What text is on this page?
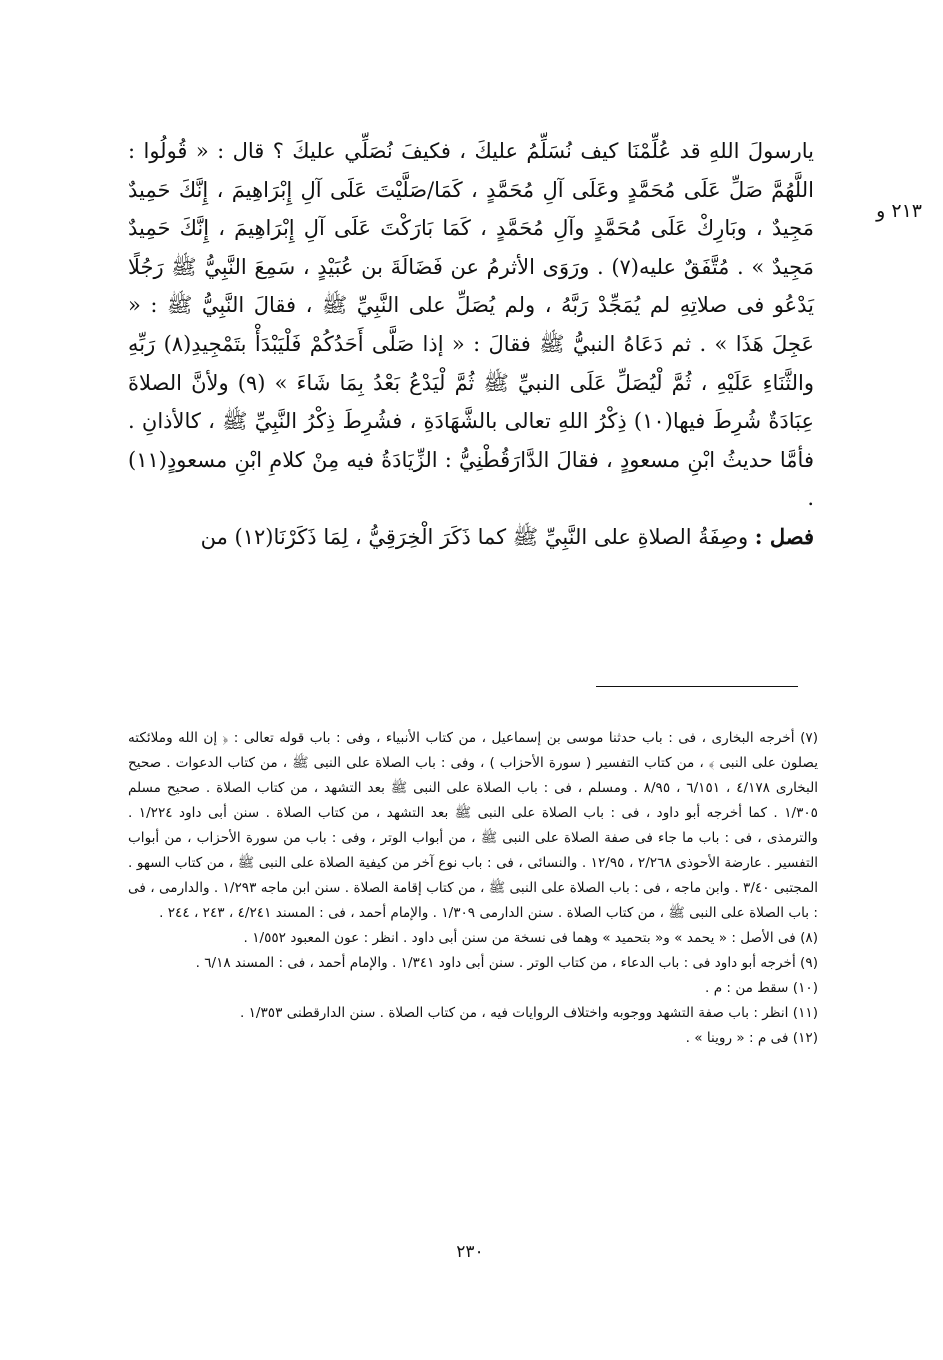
٢١٣ و

يارسولَ اللهِ قد عُلِّمْنَا كيف نُسَلِّمُ عليكَ ، فكيفَ نُصَلِّي عليكَ ؟ قال : « قُولُوا : اللَّهُمَّ صَلِّ عَلَى مُحَمَّدٍ وعَلَى آلِ مُحَمَّدٍ ، كَمَا/صَلَّيْتَ عَلَى آلِ إِبْرَاهِيمَ ، إِنَّكَ حَمِيدٌ مَجِيدٌ ، وبَارِكْ عَلَى مُحَمَّدٍ وآلِ مُحَمَّدٍ ، كَمَا بَارَكْتَ عَلَى آلِ إِبْرَاهِيمَ ، إِنَّكَ حَمِيدٌ مَجِيدٌ » . مُتَّفَقٌ عليه(٧) . ورَوَى الأثرمُ عن فَضَالَةَ بن عُبَيْدٍ ، سَمِعَ النَّبِيُّ ﷺ رَجُلًا يَدْعُو فى صلاتِهِ لم يُمَجِّدْ رَبَّهُ ، ولم يُصَلِّ على النَّبِيِّ ﷺ ، فقالَ النَّبِيُّ ﷺ : « عَجِلَ هَذَا » . ثم دَعَاهُ النبيُّ ﷺ فقالَ : « إذا صَلَّى أَحَدُكُمْ فَلْيَبْدَأْ بتَمْجِيدِ(٨) رَبِّهِ والثَّنَاءِ عَلَيْهِ ، ثُمَّ لْيُصَلِّ عَلَى النبيِّ ﷺ ثُمَّ لْيَدْعُ بَعْدُ بِمَا شَاءَ » (٩) ولأنَّ الصلاةَ عِبَادَةٌ شُرِطَ فيها(١٠) ذِكْرُ اللهِ تعالى بالشَّهَادَةِ ، فشُرِطَ ذِكْرُ النَّبِيِّ ﷺ ، كالأذانِ . فأمَّا حديثُ ابْنِ مسعودٍ ، فقالَ الدَّارَقُطْنِيُّ : الزِّيَادَةُ فيه مِنْ كلامِ ابْنِ مسعودٍ(١١) .

فصل : وصِفَةُ الصلاةِ على النَّبِيِّ ﷺ كما ذَكَرَ الْخِرَقِيُّ ، لِمَا ذَكَرْنَا(١٢) من

(٧) أخرجه البخارى ، فى : باب حدثنا موسى بن إسماعيل ، من كتاب الأنبياء ، وفى : باب قوله تعالى : ﴿ إن الله وملائكته يصلون على النبى ﴾ ، من كتاب التفسير ( سورة الأحزاب ) ، وفى : باب الصلاة على النبى ﷺ ، من كتاب الدعوات . صحيح البخارى ٤/١٧٨ ، ٦/١٥١ ، ٨/٩٥ . ومسلم ، فى : باب الصلاة على النبى ﷺ بعد التشهد ، من كتاب الصلاة . صحيح مسلم ١/٣٠٥ . كما أخرجه أبو داود ، فى : باب الصلاة على النبى ﷺ بعد التشهد ، من كتاب الصلاة . سنن أبى داود ١/٢٢٤ . والترمذى ، فى : باب ما جاء فى صفة الصلاة على النبى ﷺ ، من أبواب الوتر ، وفى : باب من سورة الأحزاب ، من أبواب التفسير . عارضة الأحوذى ٢/٢٦٨ ، ١٢/٩٥ . والنسائى ، فى : باب نوع آخر من كيفية الصلاة على النبى ﷺ ، من كتاب السهو . المجتبى ٣/٤٠ . وابن ماجه ، فى : باب الصلاة على النبى ﷺ ، من كتاب إقامة الصلاة . سنن ابن ماجه ١/٢٩٣ . والدارمى ، فى : باب الصلاة على النبى ﷺ ، من كتاب الصلاة . سنن الدارمى ١/٣٠٩ . والإمام أحمد ، فى : المسند ٤/٢٤١ ، ٢٤٣ ، ٢٤٤ .

(٨) فى الأصل : « يحمد » و« بتحميد » وهما فى نسخة من سنن أبى داود . انظر : عون المعبود ١/٥٥٢ .

(٩) أخرجه أبو داود فى : باب الدعاء ، من كتاب الوتر . سنن أبى داود ١/٣٤١ . والإمام أحمد ، فى : المسند ٦/١٨ .

(١٠) سقط من : م .

(١١) انظر : باب صفة التشهد ووجوبه واختلاف الروايات فيه ، من كتاب الصلاة . سنن الدارقطنى ١/٣٥٣ .

(١٢) فى م : « روينا » .

٢٣٠
